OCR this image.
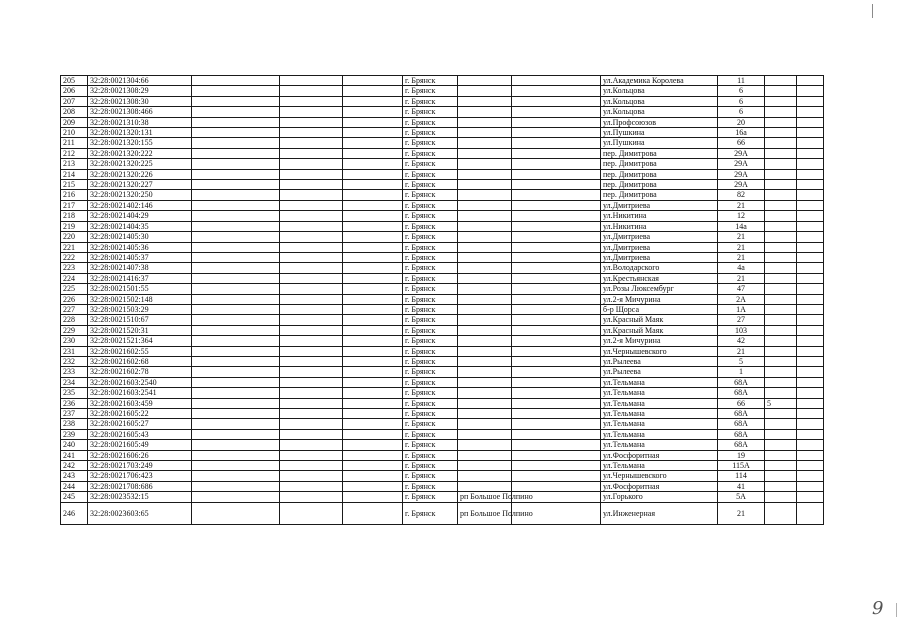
205	32:28:0021304:66				г. Брянск			ул.Академика Королева	11		
206	32:28:0021308:29				г. Брянск			ул.Кольцова	6		
207	32:28:0021308:30				г. Брянск			ул.Кольцова	6		
208	32:28:0021308:466				г. Брянск			ул.Кольцова	6		
209	32:28:0021310:38				г. Брянск			ул.Профсоюзов	20		
210	32:28:0021320:131				г. Брянск			ул.Пушкина	16а		
211	32:28:0021320:155				г. Брянск			ул.Пушкина	66		
212	32:28:0021320:222				г. Брянск			пер. Димитрова	29А		
213	32:28:0021320:225				г. Брянск			пер. Димитрова	29А		
214	32:28:0021320:226				г. Брянск			пер. Димитрова	29А		
215	32:28:0021320:227				г. Брянск			пер. Димитрова	29А		
216	32:28:0021320:250				г. Брянск			пер. Димитрова	82		
217	32:28:0021402:146				г. Брянск			ул.Дмитриева	21		
218	32:28:0021404:29				г. Брянск			ул.Никитина	12		
219	32:28:0021404:35				г. Брянск			ул.Никитина	14а		
220	32:28:0021405:30				г. Брянск			ул.Дмитриева	21		
221	32:28:0021405:36				г. Брянск			ул.Дмитриева	21		
222	32:28:0021405:37				г. Брянск			ул.Дмитриева	21		
223	32:28:0021407:38				г. Брянск			ул.Володарского	4а		
224	32:28:0021416:37				г. Брянск			ул.Крестьянская	21		
225	32:28:0021501:55				г. Брянск			ул.Розы Люксембург	47		
226	32:28:0021502:148				г. Брянск			ул.2-я Мичурина	2А		
227	32:28:0021503:29				г. Брянск			б-р Щорса	1А		
228	32:28:0021510:67				г. Брянск			ул.Красный Маяк	27		
229	32:28:0021520:31				г. Брянск			ул.Красный Маяк	103		
230	32:28:0021521:364				г. Брянск			ул.2-я Мичурина	42		
231	32:28:0021602:55				г. Брянск			ул.Чернышевского	21		
232	32:28:0021602:68				г. Брянск			ул.Рылеева	5		
233	32:28:0021602:78				г. Брянск			ул.Рылеева	1		
234	32:28:0021603:2540				г. Брянск			ул.Тельмана	68А		
235	32:28:0021603:2541				г. Брянск			ул.Тельмана	68А		
236	32:28:0021603:459				г. Брянск			ул.Тельмана	66	5	
237	32:28:0021605:22				г. Брянск			ул.Тельмана	68А		
238	32:28:0021605:27				г. Брянск			ул.Тельмана	68А		
239	32:28:0021605:43				г. Брянск			ул.Тельмана	68А		
240	32:28:0021605:49				г. Брянск			ул.Тельмана	68А		
241	32:28:0021606:26				г. Брянск			ул.Фосфоритная	19		
242	32:28:0021703:249				г. Брянск			ул.Тельмана	115А		
243	32:28:0021706:423				г. Брянск			ул.Чернышевского	114		
244	32:28:0021708:686				г. Брянск			ул.Фосфоритная	41		
245	32:28:0023532:15				г. Брянск	рп Большое Полпино		ул.Горького	5А		
246	32:28:0023603:65				г. Брянск	рп Большое Полпино		ул.Инженерная	21		
9
